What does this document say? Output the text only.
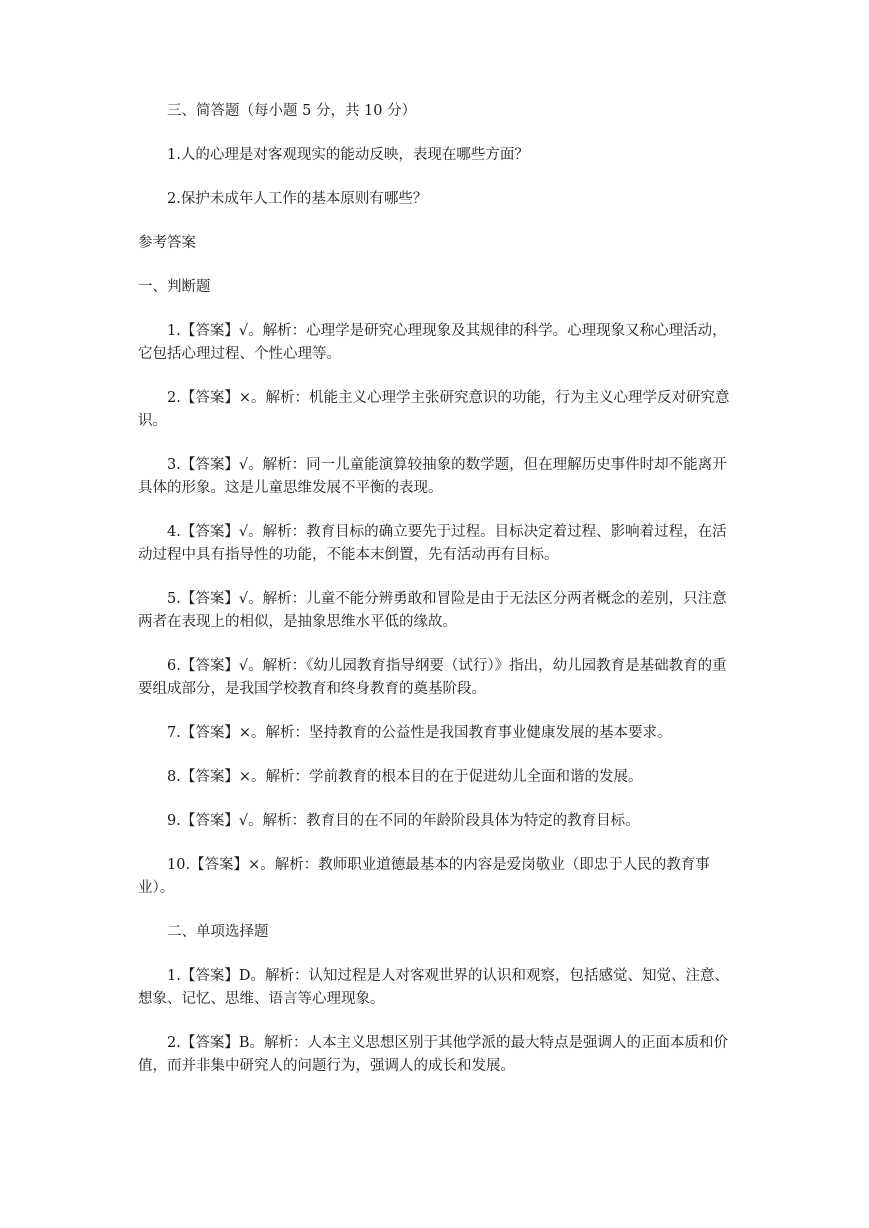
三、简答题（每小题 5 分，共 10 分）

1.人的心理是对客观现实的能动反映，表现在哪些方面？

2.保护未成年人工作的基本原则有哪些？

参考答案

一、判断题

1.【答案】√。解析：心理学是研究心理现象及其规律的科学。心理现象又称心理活动，它包括心理过程、个性心理等。

2.【答案】×。解析：机能主义心理学主张研究意识的功能，行为主义心理学反对研究意识。

3.【答案】√。解析：同一儿童能演算较抽象的数学题，但在理解历史事件时却不能离开具体的形象。这是儿童思维发展不平衡的表现。

4.【答案】√。解析：教育目标的确立要先于过程。目标决定着过程、影响着过程，在活动过程中具有指导性的功能，不能本末倒置，先有活动再有目标。

5.【答案】√。解析：儿童不能分辨勇敢和冒险是由于无法区分两者概念的差别，只注意两者在表现上的相似，是抽象思维水平低的缘故。

6.【答案】√。解析：《幼儿园教育指导纲要（试行）》指出，幼儿园教育是基础教育的重要组成部分，是我国学校教育和终身教育的奠基阶段。

7.【答案】×。解析：坚持教育的公益性是我国教育事业健康发展的基本要求。

8.【答案】×。解析：学前教育的根本目的在于促进幼儿全面和谐的发展。

9.【答案】√。解析：教育目的在不同的年龄阶段具体为特定的教育目标。

10.【答案】×。解析：教师职业道德最基本的内容是爱岗敬业（即忠于人民的教育事业）。

二、单项选择题

1.【答案】D。解析：认知过程是人对客观世界的认识和观察，包括感觉、知觉、注意、想象、记忆、思维、语言等心理现象。

2.【答案】B。解析：人本主义思想区别于其他学派的最大特点是强调人的正面本质和价值，而并非集中研究人的问题行为，强调人的成长和发展。
